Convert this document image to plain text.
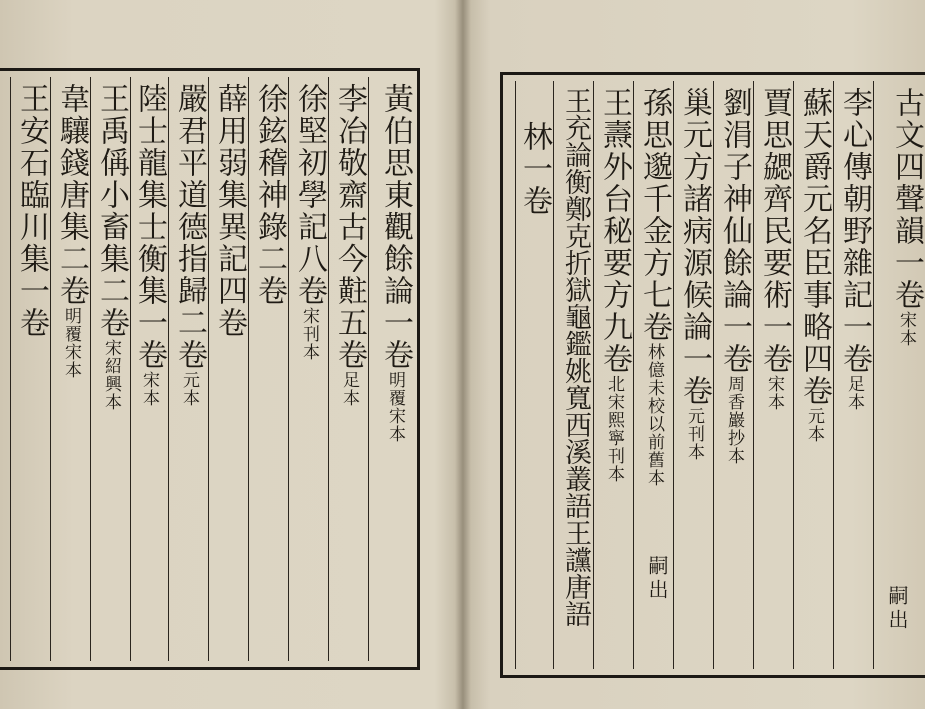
黃伯思東觀餘論一卷明覆宋本
李冶敬齋古今黈五卷足本
徐堅初學記八卷宋刊本
徐鉉稽神錄二卷
薛用弱集異記四卷
嚴君平道德指歸二卷元本
陸士龍集士衡集一卷宋本
王禹偁小畜集二卷宋紹興本
韋驤錢唐集二卷明覆宋本
王安石臨川集一卷	古文四聲韻一卷宋本
李心傳朝野雜記一卷足本
蘇天爵元名臣事略四卷元本
賈思勰齊民要術一卷宋本
劉涓子神仙餘論一卷周香巖抄本
巢元方諸病源候論一卷元刊本
孫思邈千金方七卷林億未校以前舊本
王燾外台秘要方九卷北宋熙寧刊本
王充論衡鄭克折獄龜鑑姚寬西溪叢語王讜唐語
林一卷
嗣出
嗣出
